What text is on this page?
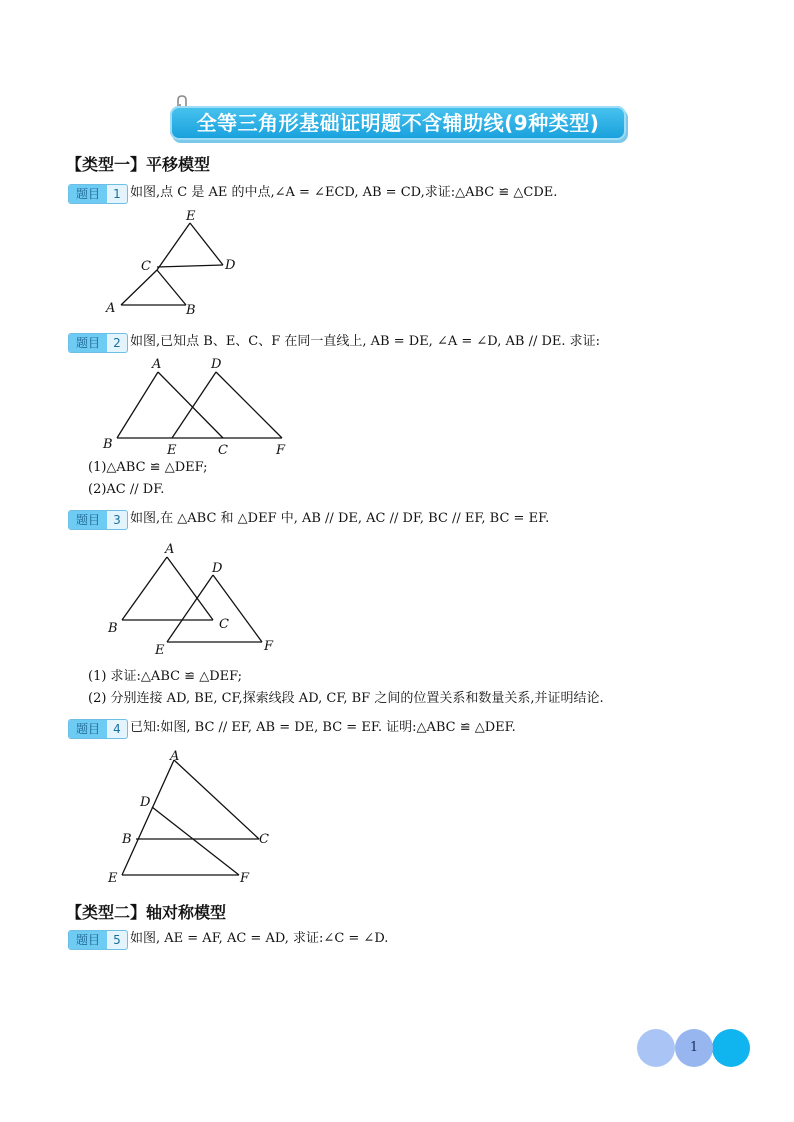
全等三角形基础证明题不含辅助线(9种类型)
【类型一】平移模型
题目	1 如图,点 C 是 AE 的中点,∠A = ∠ECD, AB = CD,求证:△ABC ≌ △CDE.
E
C	D
A	B
题目	2 如图,已知点 B、E、C、F 在同一直线上, AB = DE, ∠A = ∠D, AB // DE. 求证:
A	D
B	E	C	F
(1)△ABC ≌ △DEF;
(2)AC // DF.
题目	3 如图,在 △ABC 和 △DEF 中, AB // DE, AC // DF, BC // EF, BC = EF.
A
D
B	C
E	F
(1) 求证:△ABC ≌ △DEF;
(2) 分别连接 AD, BE, CF,探索线段 AD, CF, BF 之间的位置关系和数量关系,并证明结论.
题目	4 已知:如图, BC // EF, AB = DE, BC = EF. 证明:△ABC ≌ △DEF.
A
D
B	C
E	F
【类型二】轴对称模型
题目	5 如图, AE = AF, AC = AD, 求证:∠C = ∠D.
1
